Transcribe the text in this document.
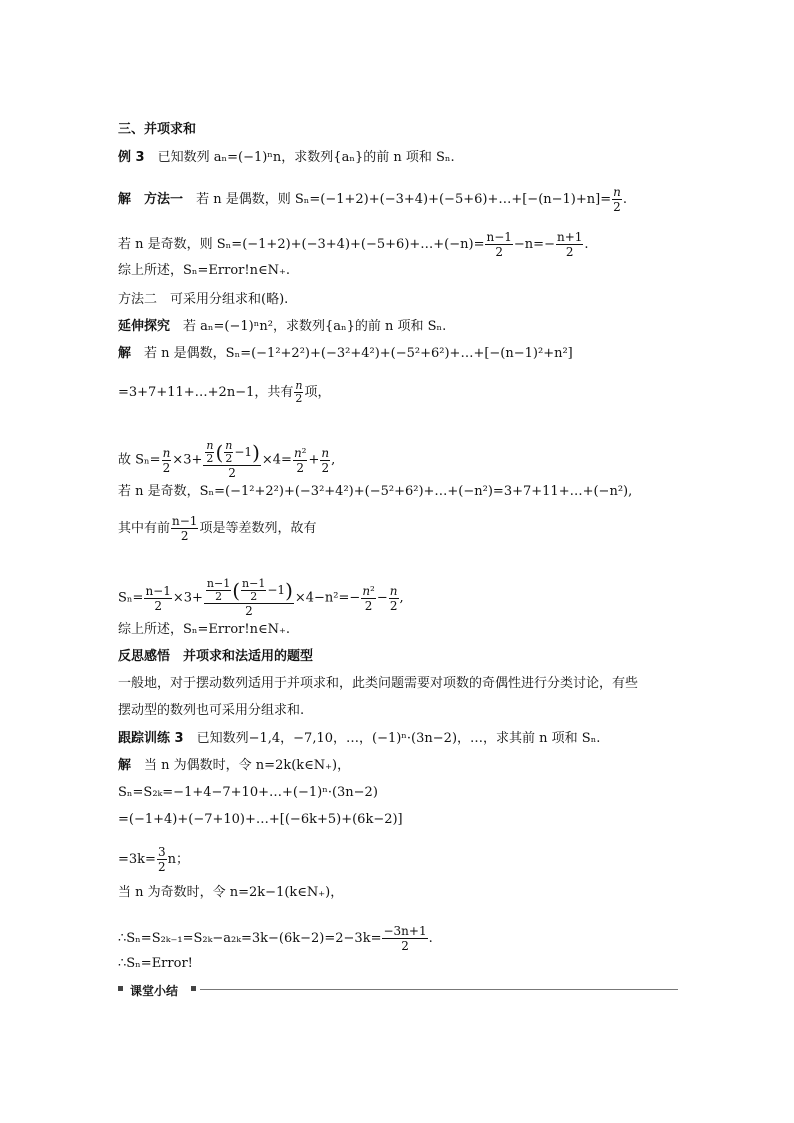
三、并项求和
例 3　 已知数列 aₙ=(−1)ⁿn，求数列{aₙ}的前 n 项和 Sₙ.
解　 方法一　 若 n 是偶数，则 Sₙ=(−1+2)+(−3+4)+(−5+6)+…+[−(n−1)+n]= $\frac{n}{2}$ .
若 n 是奇数，则 Sₙ=(−1+2)+(−3+4)+(−5+6)+…+(−n)= $\frac{n-1}{2} -n=- \frac{n+1}{2}$ .
综上所述，Sₙ=Error!n∈N₊.
方法二　可采用分组求和(略).
延伸探究　 若 aₙ=(−1)ⁿn²，求数列{aₙ}的前 n 项和 Sₙ.
解　 若 n 是偶数，Sₙ=(−1²+2²)+(−3²+4²)+(−5²+6²)+…+[−(n−1)²+n²]
=3+7+11+…+2n−1，共有 $\frac{n}{2}$ 项，
故 $S_n= \frac{n}{2} \times 3+ \frac{\frac{n}{2} ( \frac{n}{2} -1)}{2} \times 4= \frac{\text{n²}}{2} + \frac{n}{2}$ ,
若 n 是奇数，Sₙ=(−1²+2²)+(−3²+4²)+(−5²+6²)+…+(−n²)=3+7+11+…+(−n²),
其中有前 $\frac{n-1}{2}$ 项是等差数列，故有
$S_n= \frac{n-1}{2} \times 3+ \frac{\frac{n-1}{2} ( \frac{n-1}{2} -1)}{2} \times 4-n^2=- \frac{\text{n²}}{2} - \frac{n}{2}$ ,
综上所述，Sₙ=Error!n∈N₊.
反思感悟　 并项求和法适用的题型
一般地，对于摆动数列适用于并项求和，此类问题需要对项数的奇偶性进行分类讨论，有些
摆动型的数列也可采用分组求和.
跟踪训练 3　 已知数列−1,4，−7,10，…，(−1)ⁿ·(3n−2)，…，求其前 n 项和 Sₙ.
解　 当 n 为偶数时，令 n=2k(k∈N₊)，
Sₙ=S₂ₖ=−1+4−7+10+…+(−1)ⁿ·(3n−2)
=(−1+4)+(−7+10)+…+[(−6k+5)+(6k−2)]
$=3k= \frac{3}{2}$ n；
当 n 为奇数时，令 n=2k−1(k∈N₊)，
∴Sₙ=S₂ₖ₋₁=S₂ₖ−a₂ₖ=3k−(6k−2)=2−3k= $\frac{-3n+1}{2}$ .
∴Sₙ=Error!
课堂小结
